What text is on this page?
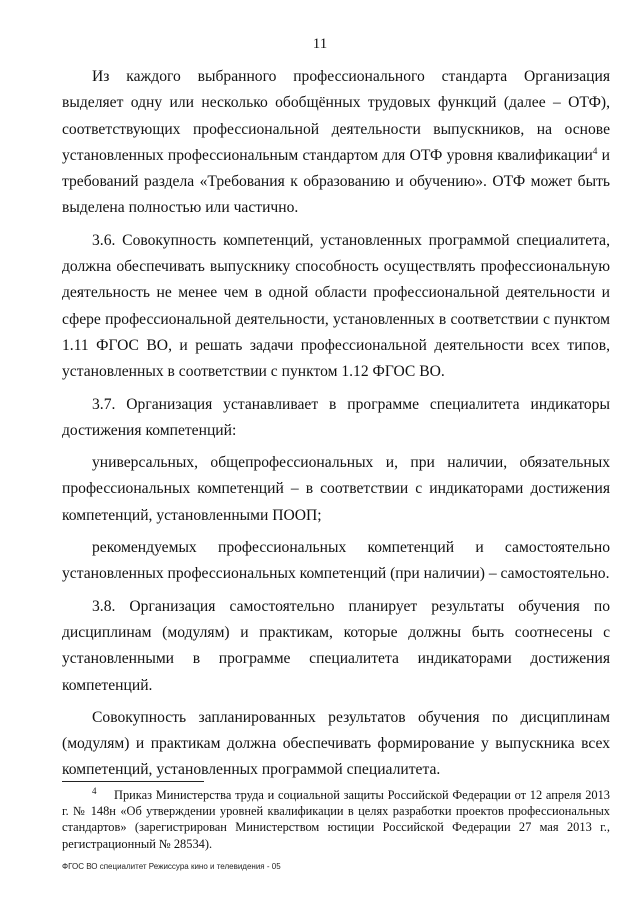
11

Из каждого выбранного профессионального стандарта Организация выделяет одну или несколько обобщённых трудовых функций (далее – ОТФ), соответствующих профессиональной деятельности выпускников, на основе установленных профессиональным стандартом для ОТФ уровня квалификации$^4$ и требований раздела «Требования к образованию и обучению». ОТФ может быть выделена полностью или частично.

3.6. Совокупность компетенций, установленных программой специалитета, должна обеспечивать выпускнику способность осуществлять профессиональную деятельность не менее чем в одной области профессиональной деятельности и сфере профессиональной деятельности, установленных в соответствии с пунктом 1.11 ФГОС ВО, и решать задачи профессиональной деятельности всех типов, установленных в соответствии с пунктом 1.12 ФГОС ВО.

3.7. Организация устанавливает в программе специалитета индикаторы достижения компетенций:

универсальных, общепрофессиональных и, при наличии, обязательных профессиональных компетенций – в соответствии с индикаторами достижения компетенций, установленными ПООП;

рекомендуемых профессиональных компетенций и самостоятельно установленных профессиональных компетенций (при наличии) – самостоятельно.

3.8. Организация самостоятельно планирует результаты обучения по дисциплинам (модулям) и практикам, которые должны быть соотнесены с установленными в программе специалитета индикаторами достижения компетенций.

Совокупность запланированных результатов обучения по дисциплинам (модулям) и практикам должна обеспечивать формирование у выпускника всех компетенций, установленных программой специалитета.

4 Приказ Министерства труда и социальной защиты Российской Федерации от 12 апреля 2013 г. № 148н «Об утверждении уровней квалификации в целях разработки проектов профессиональных стандартов» (зарегистрирован Министерством юстиции Российской Федерации 27 мая 2013 г., регистрационный № 28534).
ФГОС ВО специалитет Режиссура кино и телевидения - 05
